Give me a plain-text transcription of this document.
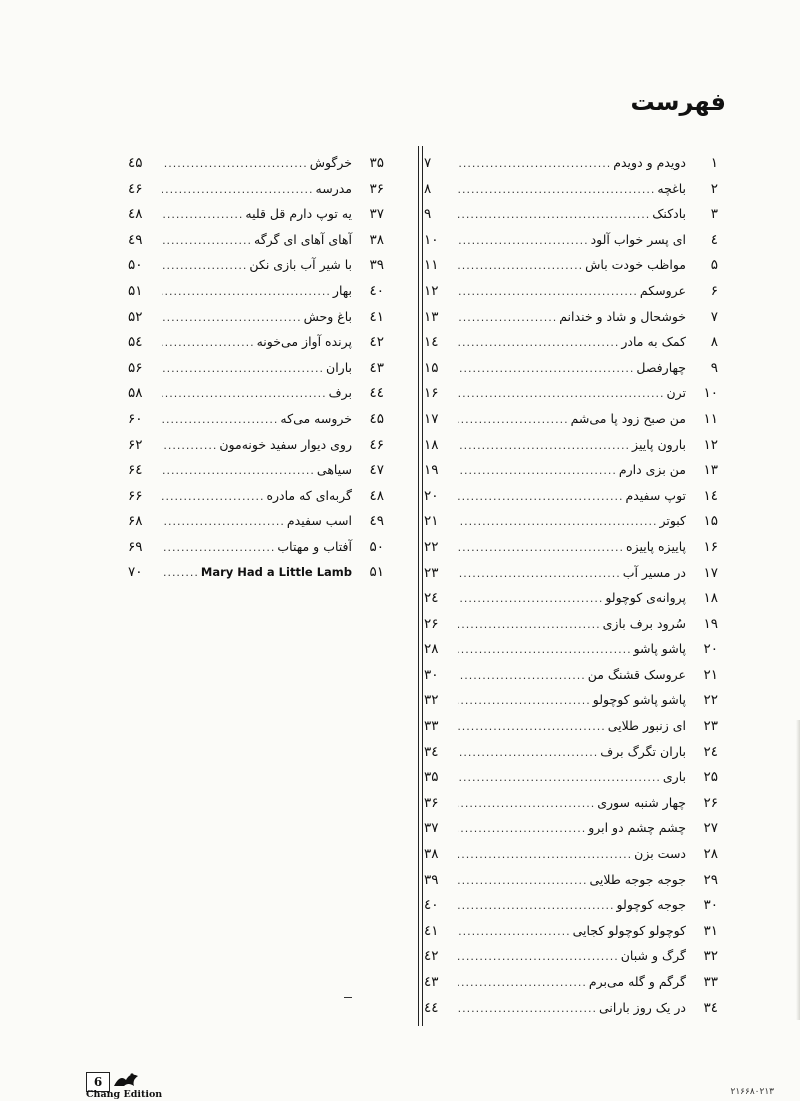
فهرست
۱
دویدم و دویدم
.....
۷
۲
باغچه
.....
۸
۳
بادکنک
.....
۹
٤
ای پسر خواب آلود
.....
۱۰
۵
مواظب خودت باش
.....
۱۱
۶
عروسکم
.....
۱۲
۷
خوشحال و شاد و خندانم
.....
۱۳
۸
کمک به مادر
.....
۱٤
۹
چهارفصل
.....
۱۵
۱۰
ترن
.....
۱۶
۱۱
من صبح زود پا می‌شم
.....
۱۷
۱۲
بارون پاییز
.....
۱۸
۱۳
من بزی دارم
.....
۱۹
۱٤
توپ سفیدم
.....
۲۰
۱۵
کبوتر
.....
۲۱
۱۶
پاییزه پاییزه
.....
۲۲
۱۷
در مسیر آب
.....
۲۳
۱۸
پروانه‌ی کوچولو
.....
۲٤
۱۹
سُرود برف بازی
.....
۲۶
۲۰
پاشو پاشو
.....
۲۸
۲۱
عروسک قشنگ من
.....
۳۰
۲۲
پاشو پاشو کوچولو
.....
۳۲
۲۳
ای زنبور طلایی
.....
۳۳
۲٤
باران تگرگ برف
.....
۳٤
۲۵
باری
.....
۳۵
۲۶
چهار شنبه سوری
.....
۳۶
۲۷
چشم چشم دو ابرو
.....
۳۷
۲۸
دست بزن
.....
۳۸
۲۹
جوجه جوجه طلایی
.....
۳۹
۳۰
جوجه کوچولو
.....
٤۰
۳۱
کوچولو کوچولو کجایی
.....
٤۱
۳۲
گرگ و شبان
.....
٤۲
۳۳
گرگم و گله می‌برم
.....
٤۳
۳٤
در یک روز بارانی
.....
٤٤
۳۵
خرگوش
.....
٤۵
۳۶
مدرسه
.....
٤۶
۳۷
یه توپ دارم قل قلیه
.....
٤۸
۳۸
آهای آهای ای گرگه
.....
٤۹
۳۹
با شیر آب بازی نکن
.....
۵۰
٤۰
بهار
.....
۵۱
٤۱
باغ وحش
.....
۵۲
٤۲
پرنده آواز می‌خونه
.....
۵٤
٤۳
باران
.....
۵۶
٤٤
برف
.....
۵۸
٤۵
خروسه می‌که
.....
۶۰
٤۶
روی دیوار سفید خونه‌مون
.....
۶۲
٤۷
سیاهی
.....
۶٤
٤۸
گربه‌ای که مادره
.....
۶۶
٤۹
اسب سفیدم
.....
۶۸
۵۰
آفتاب و مهتاب
.....
۶۹
۵۱
Mary Had a Little Lamb
.....
۷۰
6
Chang Edition	۲۱۶۶۸۰۲۱۳
